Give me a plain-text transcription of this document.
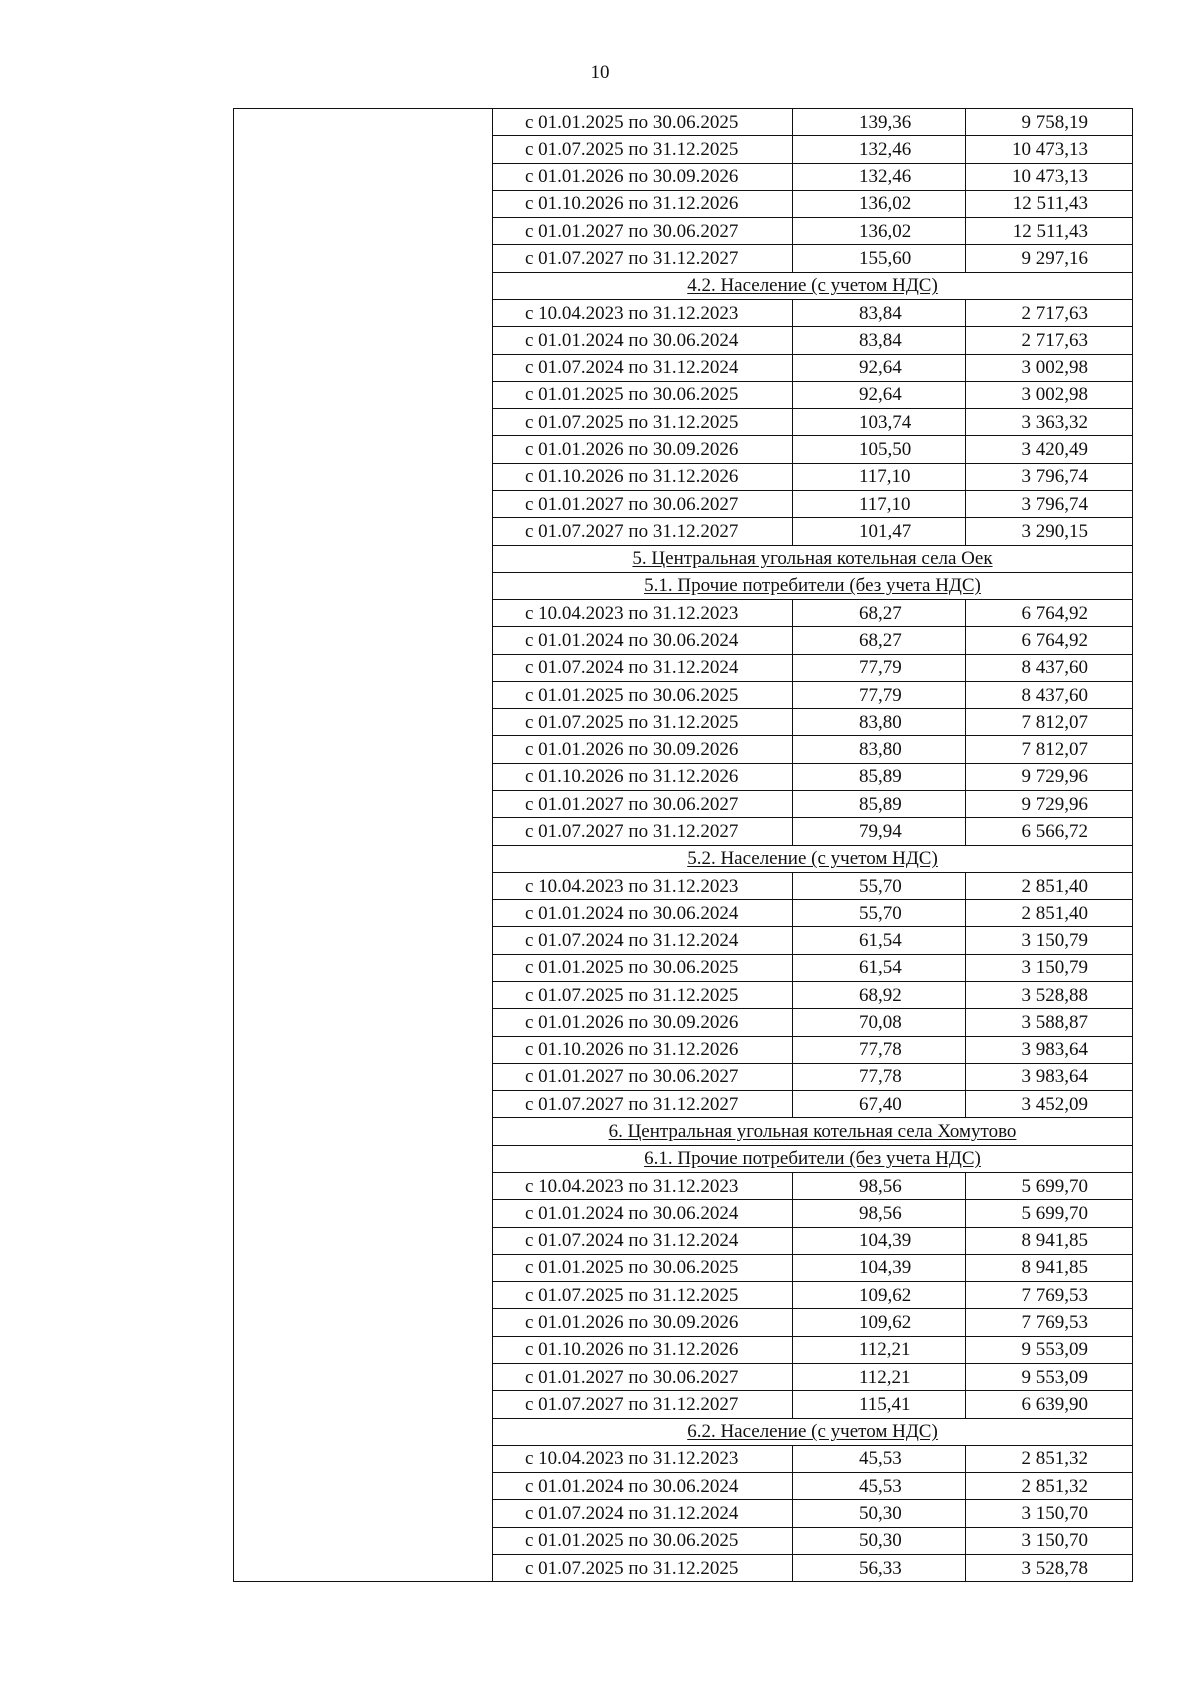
10
с 01.01.2025 по 30.06.2025	139,36	9 758,19
с 01.07.2025 по 31.12.2025	132,46	10 473,13
с 01.01.2026 по 30.09.2026	132,46	10 473,13
с 01.10.2026 по 31.12.2026	136,02	12 511,43
с 01.01.2027 по 30.06.2027	136,02	12 511,43
с 01.07.2027 по 31.12.2027	155,60	9 297,16
4.2. Население (с учетом НДС)
с 10.04.2023 по 31.12.2023	83,84	2 717,63
с 01.01.2024 по 30.06.2024	83,84	2 717,63
с 01.07.2024 по 31.12.2024	92,64	3 002,98
с 01.01.2025 по 30.06.2025	92,64	3 002,98
с 01.07.2025 по 31.12.2025	103,74	3 363,32
с 01.01.2026 по 30.09.2026	105,50	3 420,49
с 01.10.2026 по 31.12.2026	117,10	3 796,74
с 01.01.2027 по 30.06.2027	117,10	3 796,74
с 01.07.2027 по 31.12.2027	101,47	3 290,15
5. Центральная угольная котельная села Оек
5.1. Прочие потребители (без учета НДС)
с 10.04.2023 по 31.12.2023	68,27	6 764,92
с 01.01.2024 по 30.06.2024	68,27	6 764,92
с 01.07.2024 по 31.12.2024	77,79	8 437,60
с 01.01.2025 по 30.06.2025	77,79	8 437,60
с 01.07.2025 по 31.12.2025	83,80	7 812,07
с 01.01.2026 по 30.09.2026	83,80	7 812,07
с 01.10.2026 по 31.12.2026	85,89	9 729,96
с 01.01.2027 по 30.06.2027	85,89	9 729,96
с 01.07.2027 по 31.12.2027	79,94	6 566,72
5.2. Население (с учетом НДС)
с 10.04.2023 по 31.12.2023	55,70	2 851,40
с 01.01.2024 по 30.06.2024	55,70	2 851,40
с 01.07.2024 по 31.12.2024	61,54	3 150,79
с 01.01.2025 по 30.06.2025	61,54	3 150,79
с 01.07.2025 по 31.12.2025	68,92	3 528,88
с 01.01.2026 по 30.09.2026	70,08	3 588,87
с 01.10.2026 по 31.12.2026	77,78	3 983,64
с 01.01.2027 по 30.06.2027	77,78	3 983,64
с 01.07.2027 по 31.12.2027	67,40	3 452,09
6. Центральная угольная котельная села Хомутово
6.1. Прочие потребители (без учета НДС)
с 10.04.2023 по 31.12.2023	98,56	5 699,70
с 01.01.2024 по 30.06.2024	98,56	5 699,70
с 01.07.2024 по 31.12.2024	104,39	8 941,85
с 01.01.2025 по 30.06.2025	104,39	8 941,85
с 01.07.2025 по 31.12.2025	109,62	7 769,53
с 01.01.2026 по 30.09.2026	109,62	7 769,53
с 01.10.2026 по 31.12.2026	112,21	9 553,09
с 01.01.2027 по 30.06.2027	112,21	9 553,09
с 01.07.2027 по 31.12.2027	115,41	6 639,90
6.2. Население (с учетом НДС)
с 10.04.2023 по 31.12.2023	45,53	2 851,32
с 01.01.2024 по 30.06.2024	45,53	2 851,32
с 01.07.2024 по 31.12.2024	50,30	3 150,70
с 01.01.2025 по 30.06.2025	50,30	3 150,70
с 01.07.2025 по 31.12.2025	56,33	3 528,78
